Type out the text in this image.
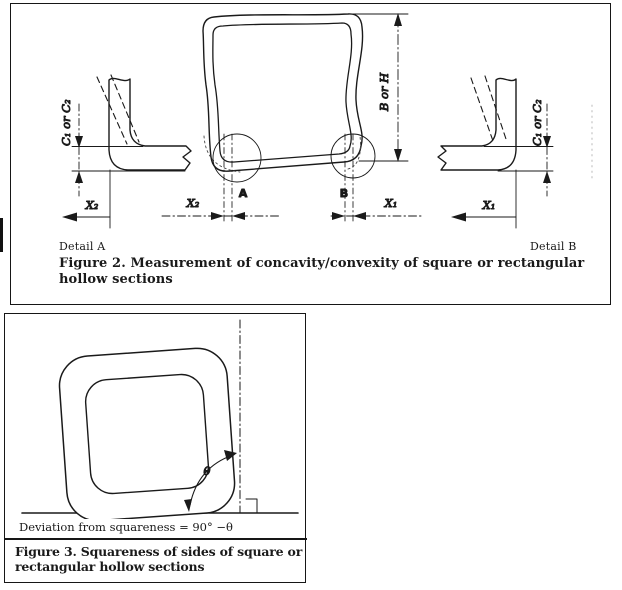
C₁ or C₂
X₂
B or H
A	B
X₂	X₁
C₁ or C₂
X₁
Detail A	Detail B
Figure 2. Measurement of concavity/convexity of square or rectangular hollow sections
θ
Deviation from squareness = 90° −θ
Figure 3. Squareness of sides of square or rectangular hollow sections
